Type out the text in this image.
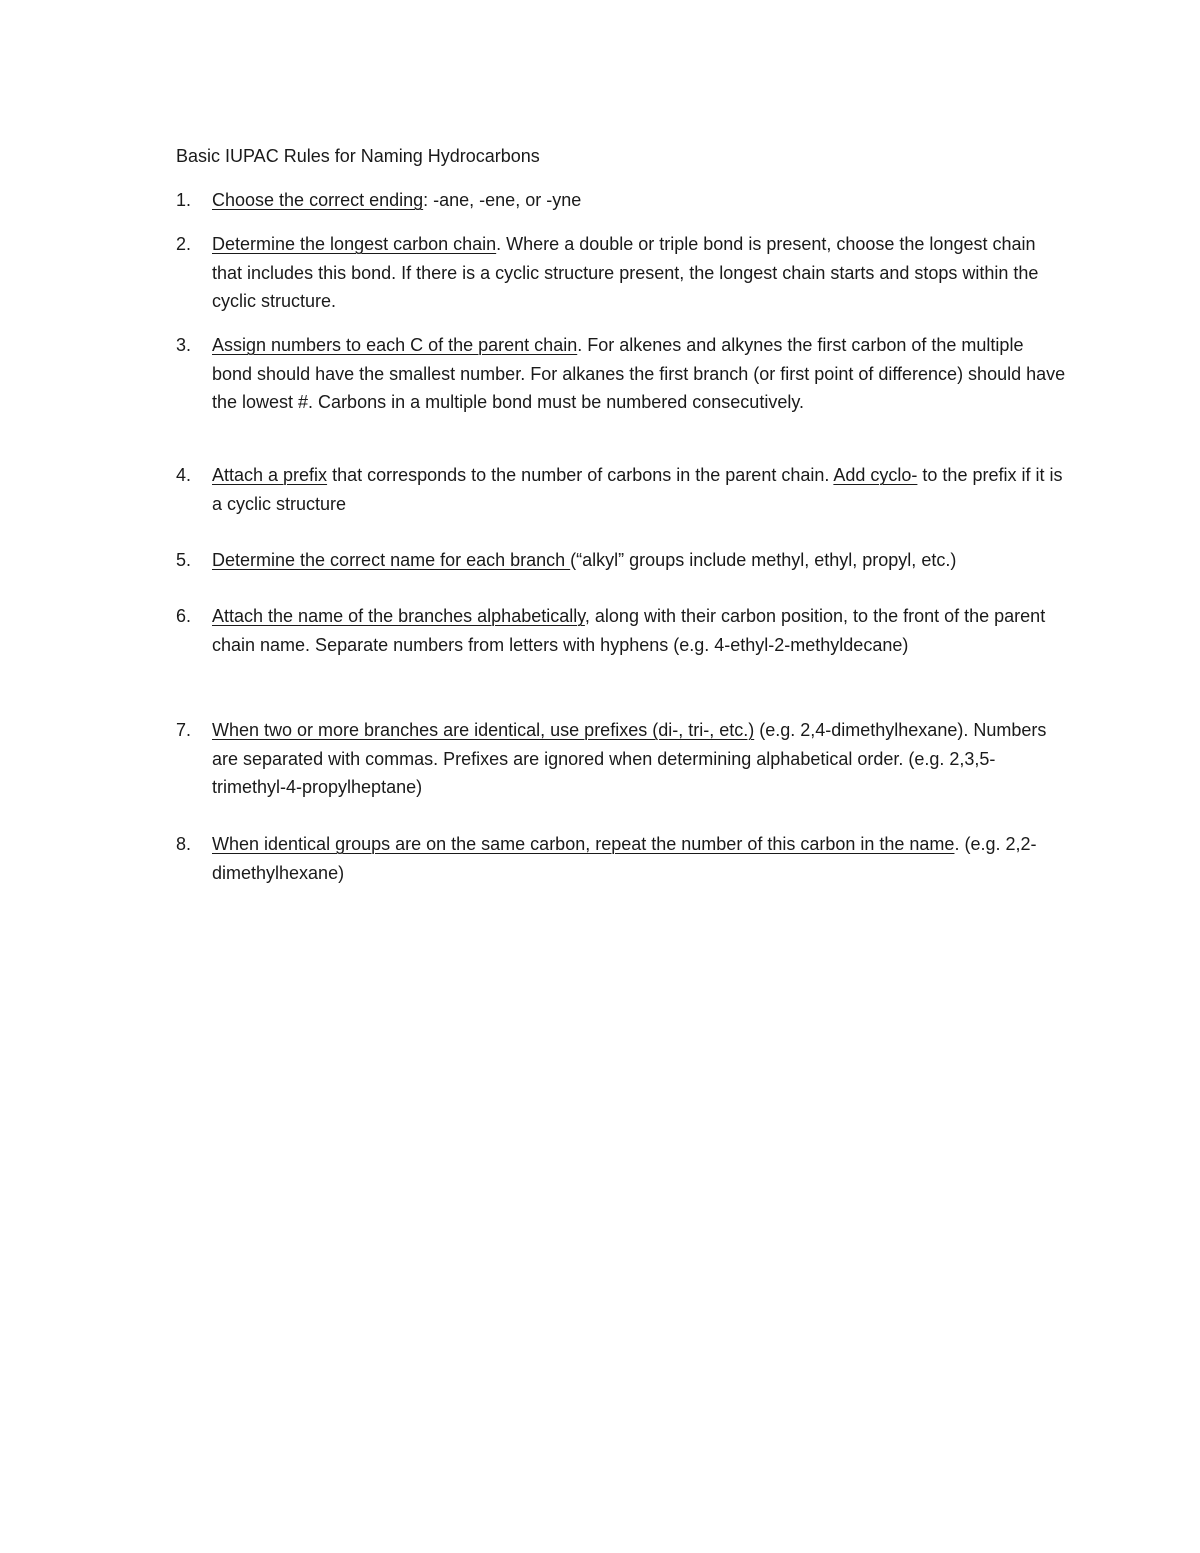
Basic IUPAC Rules for Naming Hydrocarbons
1.	Choose the correct ending: -ane, -ene, or -yne
2.	Determine the longest carbon chain. Where a double or triple bond is present, choose the longest chain that includes this bond. If there is a cyclic structure present, the longest chain starts and stops within the cyclic structure.
3.	Assign numbers to each C of the parent chain. For alkenes and alkynes the first carbon of the multiple bond should have the smallest number. For alkanes the first branch (or first point of difference) should have the lowest #. Carbons in a multiple bond must be numbered consecutively.
4.	Attach a prefix that corresponds to the number of carbons in the parent chain. Add cyclo- to the prefix if it is a cyclic structure
5.	Determine the correct name for each branch (“alkyl” groups include methyl, ethyl, propyl, etc.)
6.	Attach the name of the branches alphabetically, along with their carbon position, to the front of the parent chain name. Separate numbers from letters with hyphens (e.g. 4-ethyl-2-methyldecane)
7.	When two or more branches are identical, use prefixes (di-, tri-, etc.) (e.g. 2,4-dimethylhexane). Numbers are separated with commas. Prefixes are ignored when determining alphabetical order. (e.g. 2,3,5-trimethyl-4-propylheptane)
8.	When identical groups are on the same carbon, repeat the number of this carbon in the name. (e.g. 2,2-dimethylhexane)
